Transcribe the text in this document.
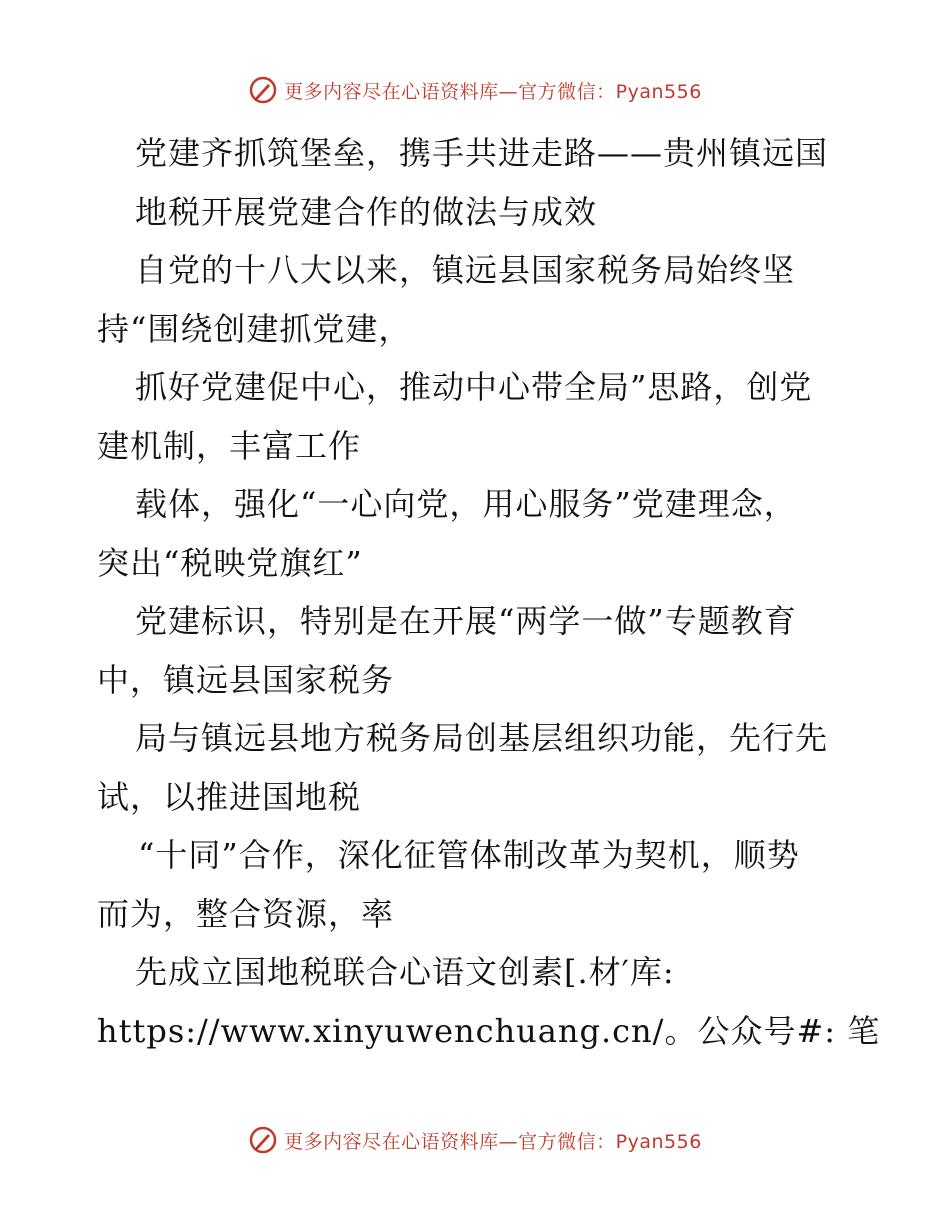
更多内容尽在心语资料库—官方微信：Pyan556
党建齐抓筑堡垒，携手共进走路——贵州镇远国
地税开展党建合作的做法与成效
自党的十八大以来，镇远县国家税务局始终坚
持“围绕创建抓党建，
抓好党建促中心，推动中心带全局”思路，创党
建机制，丰富工作
载体，强化“一心向党，用心服务”党建理念，
突出“税映党旗红”
党建标识，特别是在开展“两学一做”专题教育
中，镇远县国家税务
局与镇远县地方税务局创基层组织功能，先行先
试，以推进国地税
“十同”合作，深化征管体制改革为契机，顺势
而为，整合资源，率
先成立国地税联合心语文创素[.材′库:
https://www.xinyuwenchuang.cn/。公众号#: 笔
更多内容尽在心语资料库—官方微信：Pyan556
